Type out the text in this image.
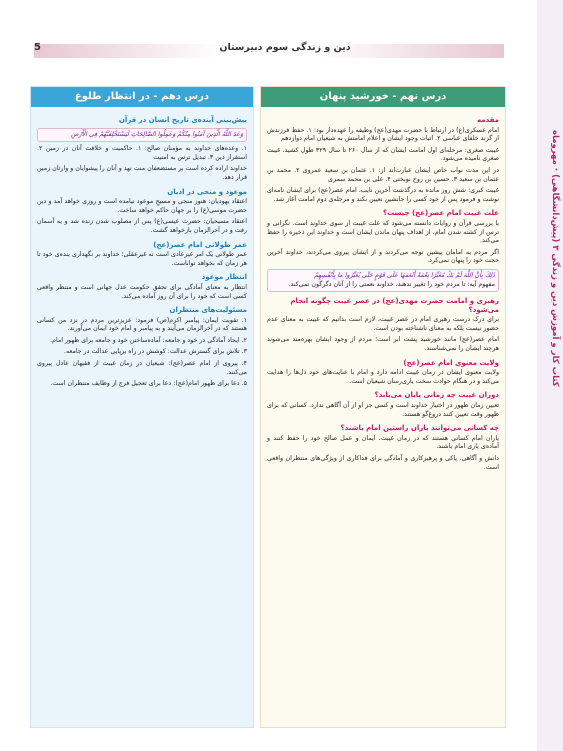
دین و زندگی سوم دبیرستان
5
کتاب کار و آموزش دین و زندگی ۳ (پیش‌دانشگاهی) · مهروماه
درس نهم - خورشید پنهان
مقدمه

امام عسکری(ع) در ارتباط با حضرت مهدی(عج) وظیفه را عهده‌دار بود: ۱. حفظ فرزندش از گزند خلفای عباسی ۲. اثبات وجود ایشان و اعلام امامتش به شیعیان امام دوازدهم

غیبت صغری: مرحله‌ای اول امامت ایشان که از سال ۲۶۰ تا سال ۳۲۹ طول کشید، غیبت صغری نامیده می‌شود.

در این مدت نواب خاص ایشان عبارت‌اند از: ۱. عثمان بن سعید عمروی ۲. محمد بن عثمان بن سعید ۳. حسین بن روح نوبختی ۴. علی بن محمد سمری

غیبت کبری: شش روز مانده به درگذشت آخرین نایب، امام عصر(عج) برای ایشان نامه‌ای نوشت و فرمود پس از خود کسی را جانشین تعیین نکند و مرحله‌ی دوم امامت آغاز شد.

علت غیبت امام عصر(عج) چیست؟

با بررسی قرآن و روایات دانسته می‌شود که علت غیبت از سوی خداوند است. نگرانی و ترس از کشته شدن امام، از اهداف پنهان ماندن ایشان است و خداوند این ذخیره را حفظ می‌کند.

اگر مردم به امامان پیشین توجه می‌کردند و از ایشان پیروی می‌کردند، خداوند آخرین حجت خود را پنهان نمی‌کرد.

ذَلِكَ بِأَنَّ اللَّهَ لَمْ يَكُ مُغَيِّرًا نِعْمَةً أَنْعَمَهَا عَلَى قَوْمٍ حَتَّى يُغَيِّرُوا مَا بِأَنْفُسِهِمْ
مفهوم آیه: تا مردم خود را تغییر ندهند، خداوند نعمتی را از آنان دگرگون نمی‌کند.
رهبری و امامت حضرت مهدی(عج) در عصر غیبت چگونه انجام می‌شود؟

برای درک درست رهبری امام در عصر غیبت، لازم است بدانیم که غیبت به معنای عدم حضور نیست بلکه به معنای ناشناخته بودن است.

امام عصر(عج) مانند خورشید پشت ابر است؛ مردم از وجود ایشان بهره‌مند می‌شوند هرچند ایشان را نمی‌شناسند.

ولایت معنوی امام عصر(عج)

ولایت معنوی ایشان در زمان غیبت ادامه دارد و امام با عنایت‌های خود دل‌ها را هدایت می‌کند و در هنگام حوادث سخت یاری‌رسان شیعیان است.

دوران غیبت چه زمانی پایان می‌یابد؟

تعیین زمان ظهور در اختیار خداوند است و کسی جز او از آن آگاهی ندارد. کسانی که برای ظهور وقت تعیین کنند دروغ‌گو هستند.

چه کسانی می‌توانند یاران راستین امام باشند؟

یاران امام کسانی هستند که در زمان غیبت، ایمان و عمل صالح خود را حفظ کنند و آماده‌ی یاری امام باشند.

دانش و آگاهی، پاکی و پرهیزکاری و آمادگی برای فداکاری از ویژگی‌های منتظران واقعی است.

درس دهم - در انتظار طلوع
پیش‌بینی آینده‌ی تاریخ انسان در قرآن
وَعَدَ اللَّهُ الَّذِينَ آمَنُوا مِنْكُمْ وَعَمِلُوا الصَّالِحَاتِ لَيَسْتَخْلِفَنَّهُمْ فِي الْأَرْضِ

۱. وعده‌های خداوند به مؤمنان صالح: ۱. حاکمیت و خلافت آنان در زمین ۲. استقرار دین ۳. تبدیل ترس به امنیت

خداوند اراده کرده است بر مستضعفان منت نهد و آنان را پیشوایان و وارثان زمین قرار دهد.

موعود و منجی در ادیان

اعتقاد یهودیان: هنوز منجی و مسیحِ موعود نیامده است و روزی خواهد آمد و دین حضرت موسی(ع) را بر جهان حاکم خواهد ساخت.

اعتقاد مسیحیان: حضرت عیسی(ع) پس از مصلوب شدن زنده شد و به آسمان رفت و در آخرالزمان بازخواهد گشت.

عمر طولانی امام عصر(عج)

عمر طولانی یک امر غیرعادی است نه غیرعقلی؛ خداوند بر نگهداری بنده‌ی خود تا هر زمان که بخواهد تواناست.

انتظار موعود

انتظار به معنای آمادگی برای تحقق حکومت عدل جهانی است و منتظر واقعی کسی است که خود را برای آن روز آماده می‌کند.

مسئولیت‌های منتظران

۱. تقویت ایمان: پیامبر اکرم(ص) فرمود: عزیزترین مردم در نزد من کسانی هستند که در آخرالزمان می‌آیند و به پیامبر و امام خود ایمان می‌آورند.

۲. ایجاد آمادگی در خود و جامعه: آماده‌ساختن خود و جامعه برای ظهور امام.

۳. تلاش برای گسترش عدالت: کوشش در راه برپایی عدالت در جامعه.

۴. پیروی از امام عصر(عج): شیعیان در زمان غیبت از فقیهان عادل پیروی می‌کنند.

۵. دعا برای ظهور امام(عج): دعا برای تعجیل فرج از وظایف منتظران است.
